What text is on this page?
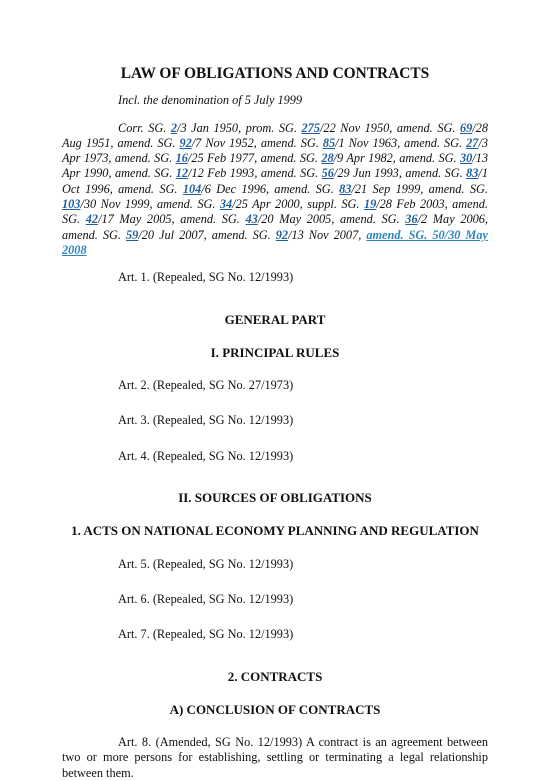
LAW OF OBLIGATIONS AND CONTRACTS
Incl. the denomination of 5 July 1999
Corr. SG. 2/3 Jan 1950, prom. SG. 275/22 Nov 1950, amend. SG. 69/28 Aug 1951, amend. SG. 92/7 Nov 1952, amend. SG. 85/1 Nov 1963, amend. SG. 27/3 Apr 1973, amend. SG. 16/25 Feb 1977, amend. SG. 28/9 Apr 1982, amend. SG. 30/13 Apr 1990, amend. SG. 12/12 Feb 1993, amend. SG. 56/29 Jun 1993, amend. SG. 83/1 Oct 1996, amend. SG. 104/6 Dec 1996, amend. SG. 83/21 Sep 1999, amend. SG. 103/30 Nov 1999, amend. SG. 34/25 Apr 2000, suppl. SG. 19/28 Feb 2003, amend. SG. 42/17 May 2005, amend. SG. 43/20 May 2005, amend. SG. 36/2 May 2006, amend. SG. 59/20 Jul 2007, amend. SG. 92/13 Nov 2007, amend. SG. 50/30 May 2008
Art. 1. (Repealed, SG No. 12/1993)
GENERAL PART
I. PRINCIPAL RULES
Art. 2. (Repealed, SG No. 27/1973)
Art. 3. (Repealed, SG No. 12/1993)
Art. 4. (Repealed, SG No. 12/1993)
II. SOURCES OF OBLIGATIONS
1. ACTS ON NATIONAL ECONOMY PLANNING AND REGULATION
Art. 5. (Repealed, SG No. 12/1993)
Art. 6. (Repealed, SG No. 12/1993)
Art. 7. (Repealed, SG No. 12/1993)
2. CONTRACTS
A) CONCLUSION OF CONTRACTS
Art. 8. (Amended, SG No. 12/1993) A contract is an agreement between two or more persons for establishing, settling or terminating a legal relationship between them.
